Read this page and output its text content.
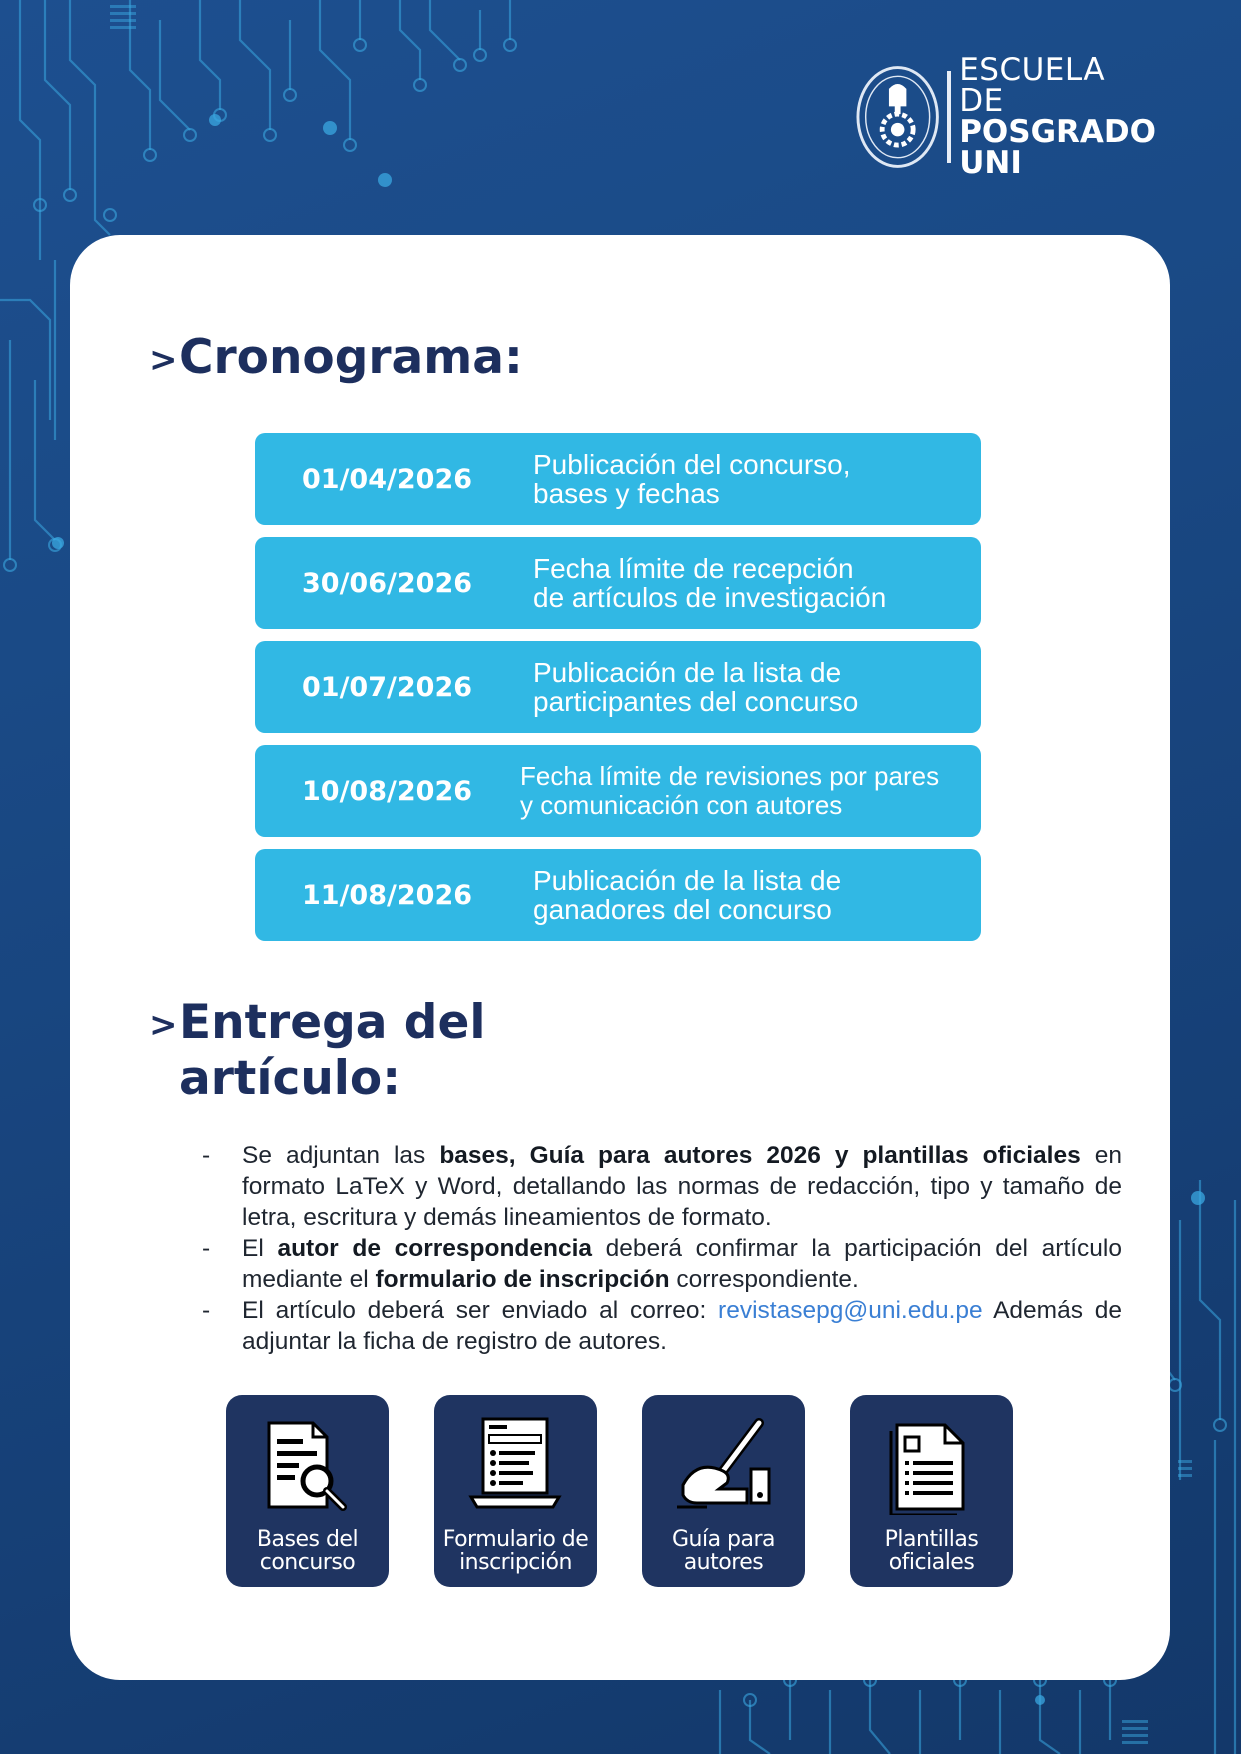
ESCUELA DE
POSGRADO
UNI
> Cronograma:
01/04/2026 Publicación del concurso,
bases y fechas
30/06/2026 Fecha límite de recepción
de artículos de investigación
01/07/2026 Publicación de la lista de
participantes del concurso
10/08/2026 Fecha límite de revisiones por pares
y comunicación con autores
11/08/2026 Publicación de la lista de
ganadores del concurso
> Entrega del
artículo:
- Se adjuntan las bases, Guía para autores 2026 y plantillas oficiales en formato LaTeX y Word, detallando las normas de redacción, tipo y tamaño de letra, escritura y demás lineamientos de formato.
- El autor de correspondencia deberá confirmar la participación del artículo mediante el formulario de inscripción correspondiente.
- El artículo deberá ser enviado al correo: revistasepg@uni.edu.pe Además de adjuntar la ficha de registro de autores.
Bases del
concurso
Formulario de
inscripción
Guía para
autores
Plantillas
oficiales
